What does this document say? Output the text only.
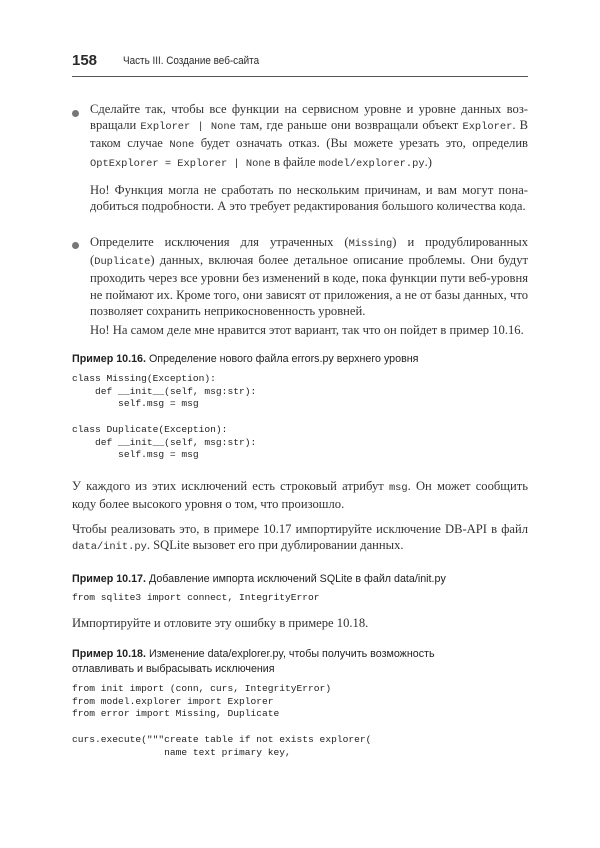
158 Часть III. Создание веб-сайта

Сделайте так, чтобы все функции на сервисном уровне и уровне данных воз-вращали Explorer | None там, где раньше они возвращали объект Explorer. В таком случае None будет означать отказ. (Вы можете урезать это, определив OptExplorer = Explorer | None в файле model/explorer.py.)

Но! Функция могла не сработать по нескольким причинам, и вам могут пона-добиться подробности. А это требует редактирования большого количества кода.

Определите исключения для утраченных (Missing) и продублированных (Duplicate) данных, включая более детальное описание проблемы. Они будут проходить через все уровни без изменений в коде, пока функции пути веб-уровня не поймают их. Кроме того, они зависят от приложения, а не от базы данных, что позволяет сохранить неприкосновенность уровней.

Но! На самом деле мне нравится этот вариант, так что он пойдет в пример 10.16.

Пример 10.16. Определение нового файла errors.py верхнего уровня
class Missing(Exception):
def __init__(self, msg:str):
self.msg = msg

class Duplicate(Exception):
def __init__(self, msg:str):
self.msg = msg

У каждого из этих исключений есть строковый атрибут msg. Он может сообщить коду более высокого уровня о том, что произошло.

Чтобы реализовать это, в примере 10.17 импортируйте исключение DB-API в файл data/init.py. SQLite вызовет его при дублировании данных.

Пример 10.17. Добавление импорта исключений SQLite в файл data/init.py
from sqlite3 import connect, IntegrityError

Импортируйте и отловите эту ошибку в примере 10.18.

Пример 10.18. Изменение data/explorer.py, чтобы получить возможность отлавливать и выбрасывать исключения
from init import (conn, curs, IntegrityError)
from model.explorer import Explorer
from error import Missing, Duplicate

curs.execute("""create table if not exists explorer(
name text primary key,
